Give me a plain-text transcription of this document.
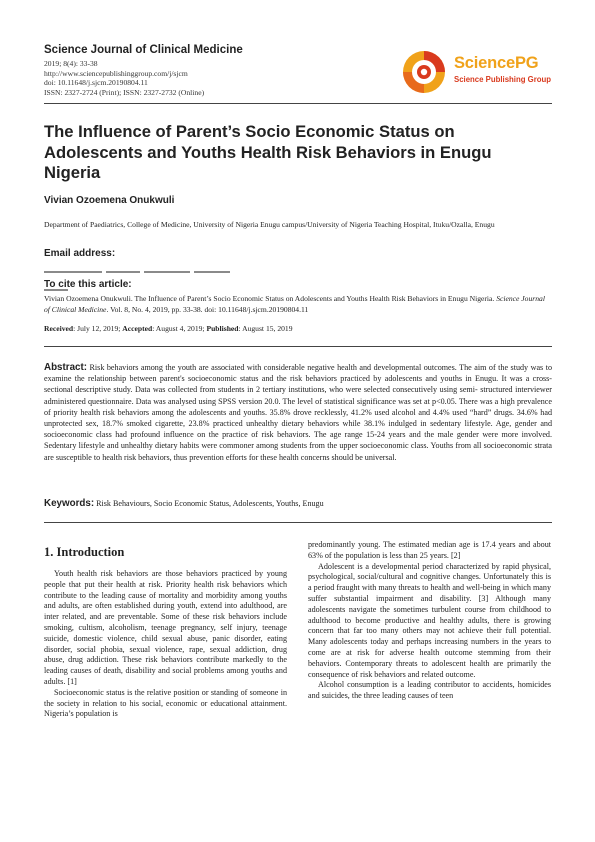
Science Journal of Clinical Medicine
2019; 8(4): 33-38
http://www.sciencepublishinggroup.com/j/sjcm
doi: 10.11648/j.sjcm.20190804.11
ISSN: 2327-2724 (Print); ISSN: 2327-2732 (Online)
SciencePG
Science Publishing Group
The Influence of Parent’s Socio Economic Status on Adolescents and Youths Health Risk Behaviors in Enugu Nigeria
Vivian Ozoemena Onukwuli
Department of Paediatrics, College of Medicine, University of Nigeria Enugu campus/University of Nigeria Teaching Hospital, Ituku/Ozalla, Enugu
Email address:
To cite this article:
Vivian Ozoemena Onukwuli. The Influence of Parent’s Socio Economic Status on Adolescents and Youths Health Risk Behaviors in Enugu Nigeria. Science Journal of Clinical Medicine. Vol. 8, No. 4, 2019, pp. 33-38. doi: 10.11648/j.sjcm.20190804.11
Received: July 12, 2019; Accepted: August 4, 2019; Published: August 15, 2019
Abstract: Risk behaviors among the youth are associated with considerable negative health and developmental outcomes. The aim of the study was to examine the relationship between parent's socioeconomic status and the risk behaviors practiced by adolescents and youths in Enugu. It was a cross-sectional descriptive study. Data was collected from students in 2 tertiary institutions, who were selected consecutively using semi- structured interviewer administered questionnaire. Data was analysed using SPSS version 20.0. The level of statistical significance was set at p<0.05. There was a high prevalence of priority health risk behaviors among the adolescents and youths. 35.8% drove recklessly, 41.2% used alcohol and 4.4% used “hard” drugs. 34.6% had unprotected sex, 18.7% smoked cigarette, 23.8% practiced unhealthy dietary behaviors while 38.1% indulged in sedentary lifestyle. Age, gender and socioeconomic class had profound influence on the practice of risk behaviors. The age range 15-24 years and the male gender were more involved. Sedentary lifestyle and unhealthy dietary habits were commoner among students from the upper socioeconomic class. Youths from all socioeconomic strata are susceptible to health risk behaviors, thus prevention efforts for these health concerns should be universal.
Keywords: Risk Behaviours, Socio Economic Status, Adolescents, Youths, Enugu
1. Introduction

Youth health risk behaviors are those behaviors practiced by young people that put their health at risk. Priority health risk behaviors which contribute to the leading cause of mortality and morbidity among youths and adults, are often established during youth, extend into adulthood, are inter related, and are preventable. Some of these risk behaviors include smoking, cultism, alcoholism, teenage pregnancy, self injury, teenage suicide, domestic violence, child sexual abuse, panic disorder, eating disorder, social phobia, sexual violence, rape, sexual addiction, drug abuse, drug addiction. These risk behaviors contribute markedly to the leading causes of death, disability and social problems among youths and adults. [1]

Socioeconomic status is the relative position or standing of someone in the society in relation to his social, economic or educational attainment. Nigeria’s population is

predominantly young. The estimated median age is 17.4 years and about 63% of the population is less than 25 years. [2]

Adolescent is a developmental period characterized by rapid physical, psychological, social/cultural and cognitive changes. Unfortunately this is a period fraught with many threats to health and well-being in which many suffer substantial impairment and disability. [3] Although many adolescents navigate the sometimes turbulent course from childhood to adulthood to become productive and healthy adults, there is growing concern that far too many others may not achieve their full potential. Many adolescents today and perhaps increasing numbers in the years to come are at risk for adverse health outcome stemming from their behaviors. Contemporary threats to adolescent health are primarily the consequence of risk behaviors and related outcome.

Alcohol consumption is a leading contributor to accidents, homicides and suicides, the three leading causes of teen
